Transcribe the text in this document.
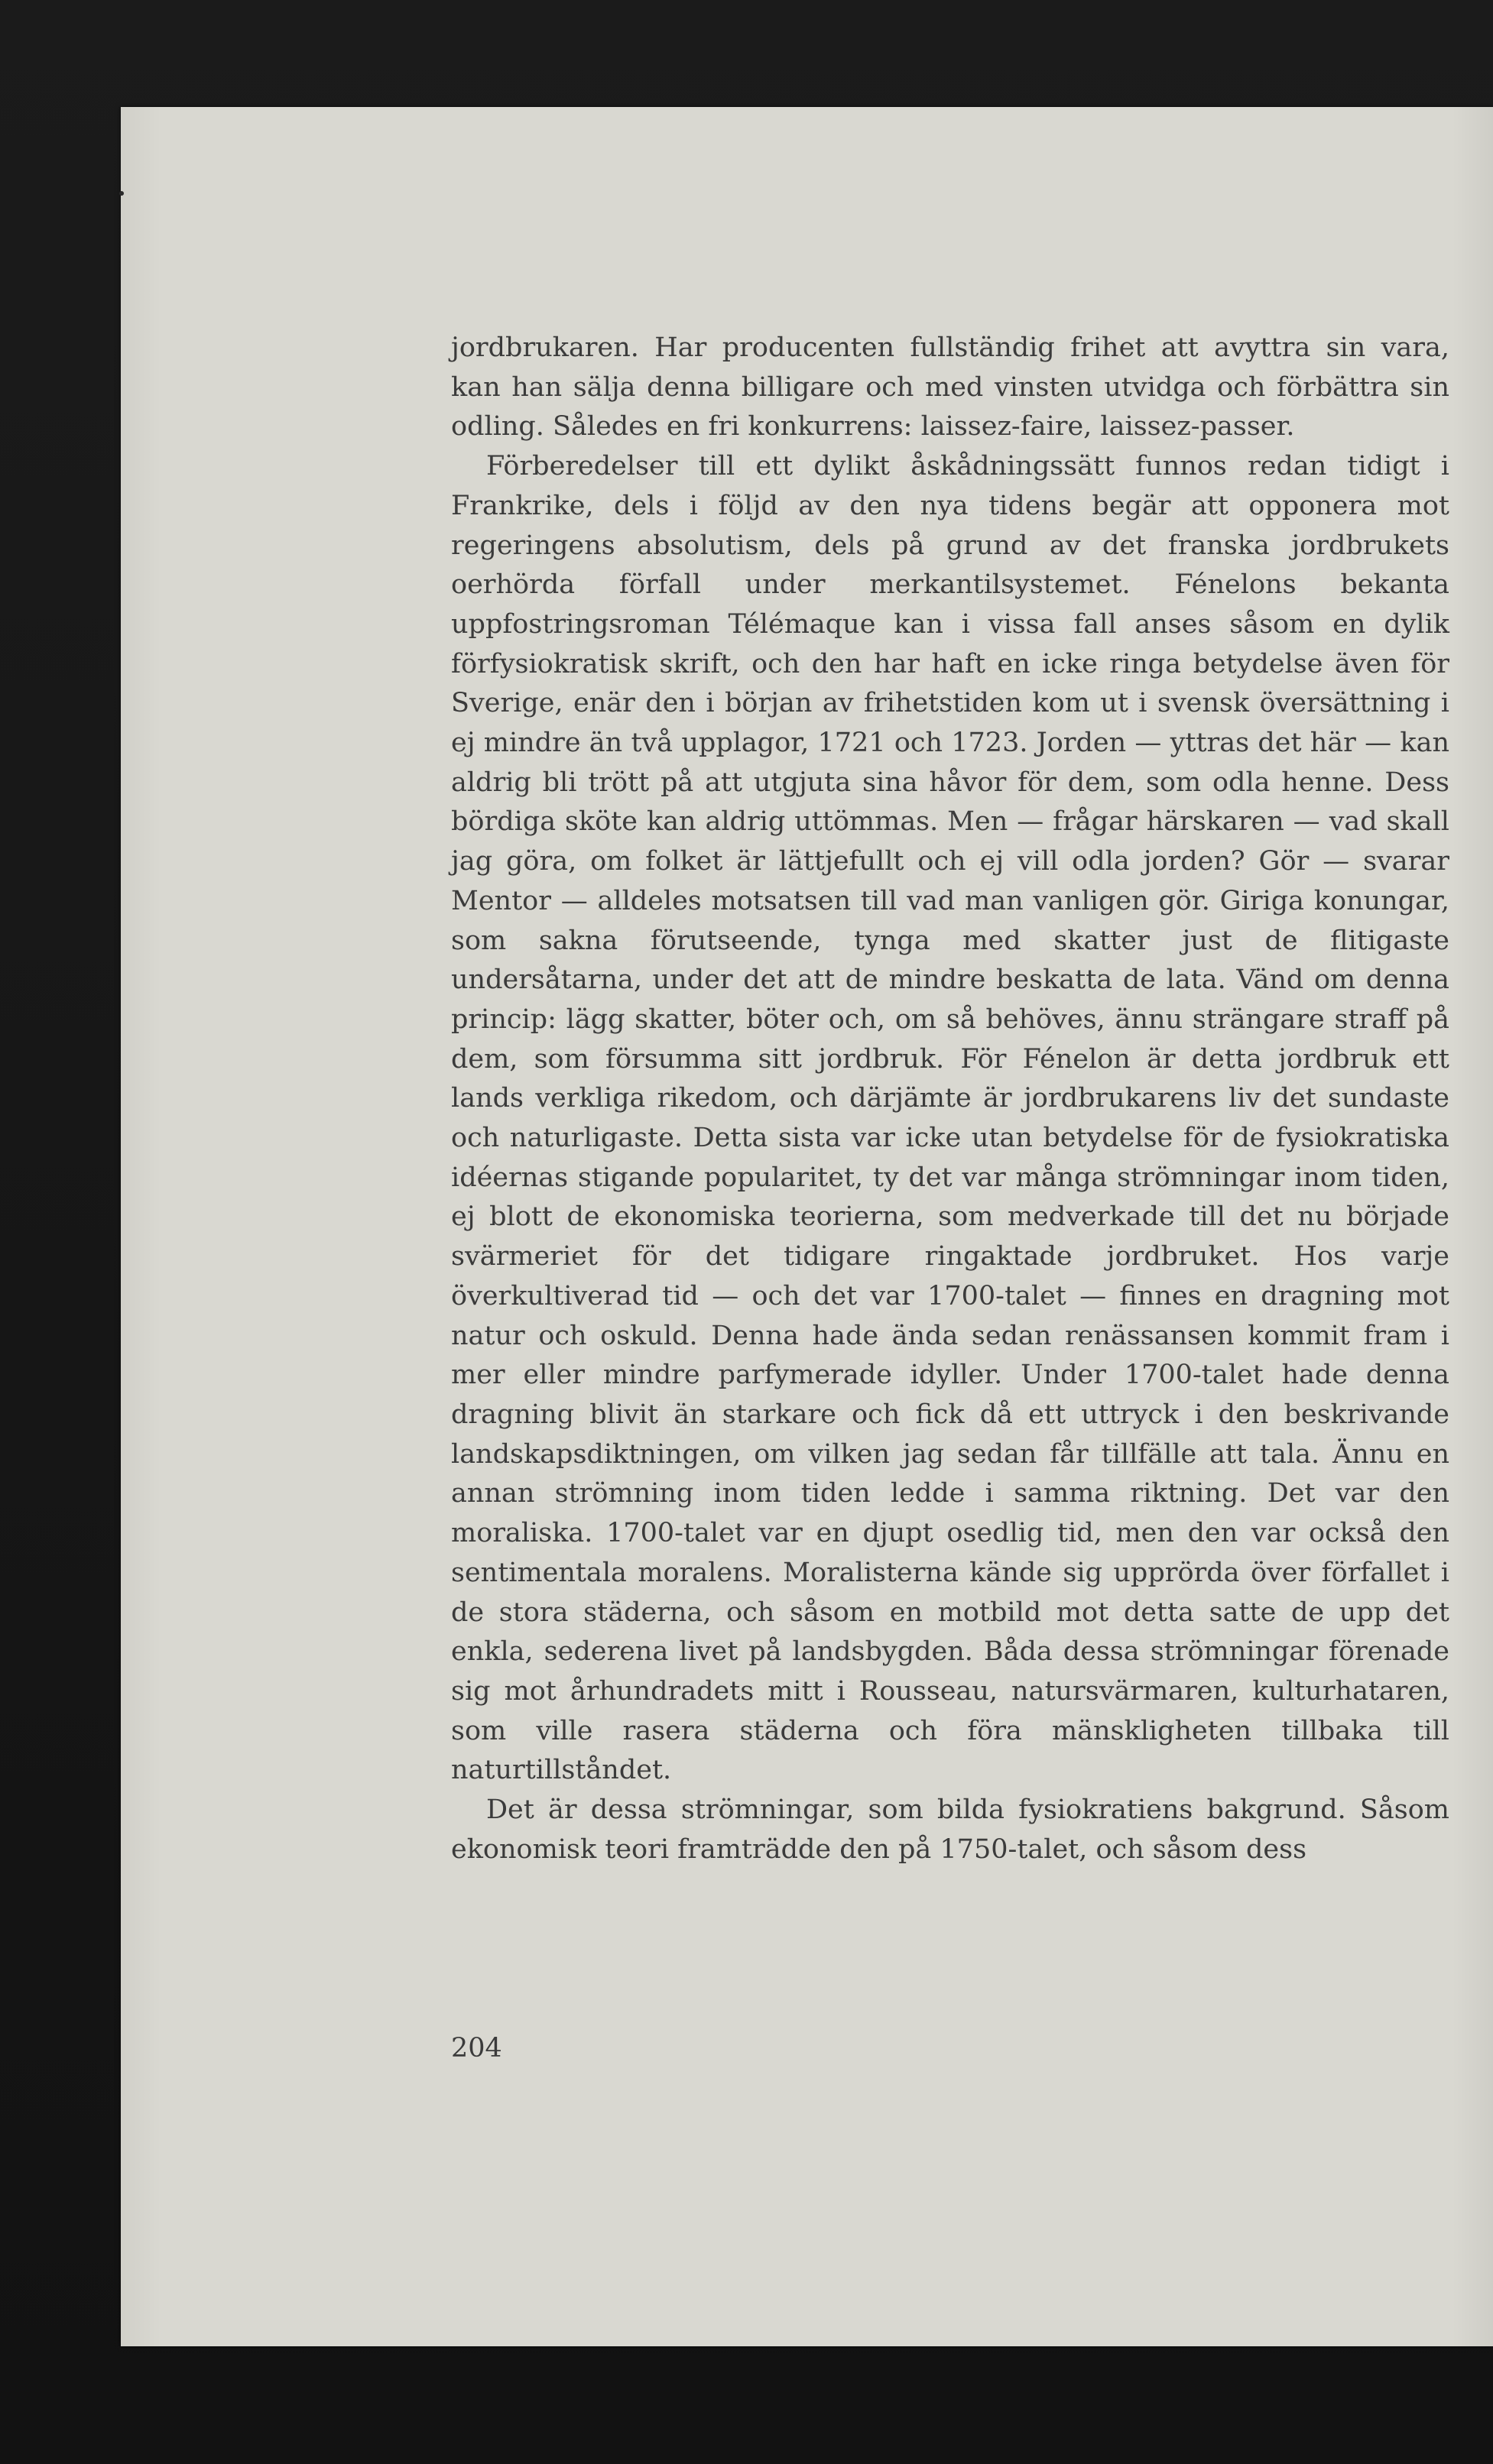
jordbrukaren. Har producenten fullständig frihet att avyttra sin vara, kan han sälja denna billigare och med vinsten utvidga och förbättra sin odling. Således en fri konkurrens: laissez-faire, laissez-passer.

Förberedelser till ett dylikt åskådningssätt funnos redan tidigt i Frankrike, dels i följd av den nya tidens begär att opponera mot regeringens absolutism, dels på grund av det franska jordbrukets oerhörda förfall under merkantilsystemet. Fénelons bekanta uppfostringsroman Télémaque kan i vissa fall anses såsom en dylik förfysiokratisk skrift, och den har haft en icke ringa betydelse även för Sverige, enär den i början av frihetstiden kom ut i svensk översättning i ej mindre än två upplagor, 1721 och 1723. Jorden — yttras det här — kan aldrig bli trött på att utgjuta sina håvor för dem, som odla henne. Dess bördiga sköte kan aldrig uttömmas. Men — frågar härskaren — vad skall jag göra, om folket är lättjefullt och ej vill odla jorden? Gör — svarar Mentor — alldeles motsatsen till vad man vanligen gör. Giriga konungar, som sakna förutseende, tynga med skatter just de flitigaste undersåtarna, under det att de mindre beskatta de lata. Vänd om denna princip: lägg skatter, böter och, om så behöves, ännu strängare straff på dem, som försumma sitt jordbruk. För Fénelon är detta jordbruk ett lands verkliga rikedom, och därjämte är jordbrukarens liv det sundaste och naturligaste. Detta sista var icke utan betydelse för de fysiokratiska idéernas stigande popularitet, ty det var många strömningar inom tiden, ej blott de ekonomiska teorierna, som medverkade till det nu började svärmeriet för det tidigare ringaktade jordbruket. Hos varje överkultiverad tid — och det var 1700-talet — finnes en dragning mot natur och oskuld. Denna hade ända sedan renässansen kommit fram i mer eller mindre parfymerade idyller. Under 1700-talet hade denna dragning blivit än starkare och fick då ett uttryck i den beskrivande landskapsdiktningen, om vilken jag sedan får tillfälle att tala. Ännu en annan strömning inom tiden ledde i samma riktning. Det var den moraliska. 1700-talet var en djupt osedlig tid, men den var också den sentimentala moralens. Moralisterna kände sig upprörda över förfallet i de stora städerna, och såsom en motbild mot detta satte de upp det enkla, sederena livet på landsbygden. Båda dessa strömningar förenade sig mot århundradets mitt i Rousseau, natursvärmaren, kulturhataren, som ville rasera städerna och föra mänskligheten tillbaka till naturtillståndet.

Det är dessa strömningar, som bilda fysiokratiens bakgrund. Såsom ekonomisk teori framträdde den på 1750-talet, och såsom dess

204
